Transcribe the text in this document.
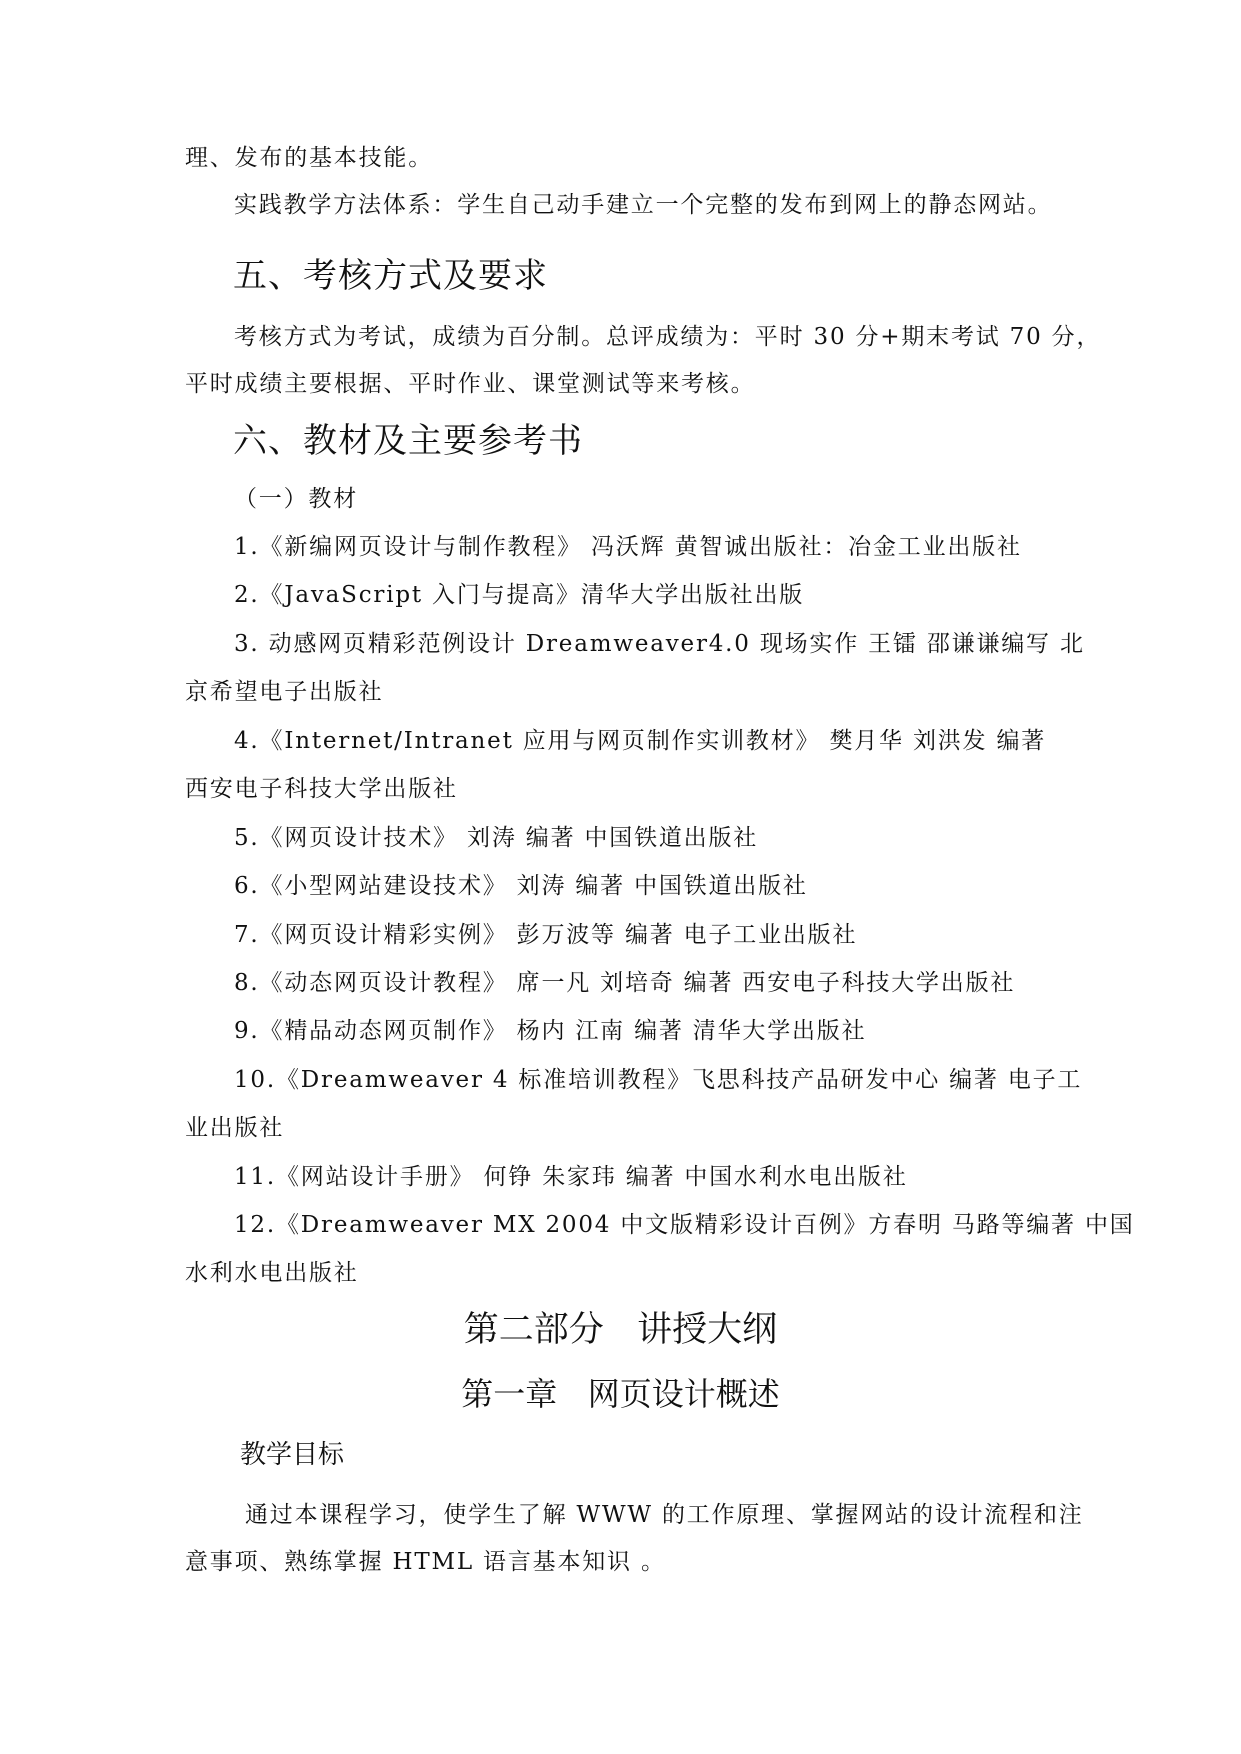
理、发布的基本技能。
实践教学方法体系：学生自己动手建立一个完整的发布到网上的静态网站。
五、考核方式及要求
考核方式为考试，成绩为百分制。总评成绩为：平时 30 分+期末考试 70 分，
平时成绩主要根据、平时作业、课堂测试等来考核。
六、教材及主要参考书
（一）教材
1.《新编网页设计与制作教程》 冯沃辉 黄智诚出版社：冶金工业出版社
2.《JavaScript 入门与提高》清华大学出版社出版
3. 动感网页精彩范例设计 Dreamweaver4.0 现场实作 王镭 邵谦谦编写 北
京希望电子出版社
4.《Internet/Intranet 应用与网页制作实训教材》 樊月华 刘洪发 编著
西安电子科技大学出版社
5.《网页设计技术》 刘涛 编著 中国铁道出版社
6.《小型网站建设技术》 刘涛 编著 中国铁道出版社
7.《网页设计精彩实例》 彭万波等 编著 电子工业出版社
8.《动态网页设计教程》 席一凡 刘培奇 编著 西安电子科技大学出版社
9.《精品动态网页制作》 杨内 江南 编著 清华大学出版社
10.《Dreamweaver 4 标准培训教程》飞思科技产品研发中心 编著 电子工
业出版社
11.《网站设计手册》 何铮 朱家玮 编著 中国水利水电出版社
12.《Dreamweaver MX 2004 中文版精彩设计百例》方春明 马路等编著 中国
水利水电出版社
第二部分   讲授大纲
第一章   网页设计概述
教学目标
通过本课程学习，使学生了解 WWW 的工作原理、掌握网站的设计流程和注
意事项、熟练掌握 HTML 语言基本知识 。
